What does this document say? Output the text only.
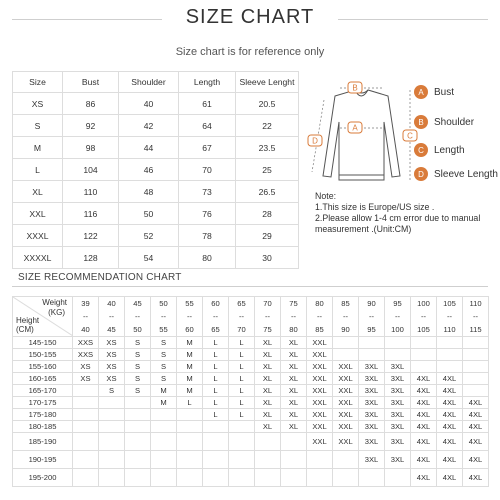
SIZE CHART
Size chart is for reference only
Size	Bust	Shoulder	Length	Sleeve Lenght
XS	86	40	61	20.5
S	92	42	64	22
M	98	44	67	23.5
L	104	46	70	25
XL	110	48	73	26.5
XXL	116	50	76	28
XXXL	122	52	78	29
XXXXL	128	54	80	30
B
A
C
D
A Bust
B Shoulder
C Length
D Sleeve Length
Note:
1.This size is Europe/US size .
2.Please allow 1-4 cm error due to manual
measurement .(Unit:CM)
SIZE RECOMMENDATION CHART
Weight
(KG)
Height
(CM)	39	40	45	50	55	60	65	70	75	80	85	90	95	100	105	110
	--	--	--	--	--	--	--	--	--	--	--	--	--	--	--	--
	40	45	50	55	60	65	70	75	80	85	90	95	100	105	110	115
145-150	XXS	XS	S	S	M	L	L	XL	XL	XXL						
150-155	XXS	XS	S	S	M	L	L	XL	XL	XXL						
155-160	XS	XS	S	S	M	L	L	XL	XL	XXL	XXL	3XL	3XL			
160-165	XS	XS	S	S	M	L	L	XL	XL	XXL	XXL	3XL	3XL	4XL	4XL	
165-170		S	S	M	M	L	L	XL	XL	XXL	XXL	3XL	3XL	4XL	4XL	
170-175				M	L	L	L	XL	XL	XXL	XXL	3XL	3XL	4XL	4XL	4XL
175-180						L	L	XL	XL	XXL	XXL	3XL	3XL	4XL	4XL	4XL
180-185								XL	XL	XXL	XXL	3XL	3XL	4XL	4XL	4XL
185-190										XXL	XXL	3XL	3XL	4XL	4XL	4XL
190-195												3XL	3XL	4XL	4XL	4XL
195-200														4XL	4XL	4XL
